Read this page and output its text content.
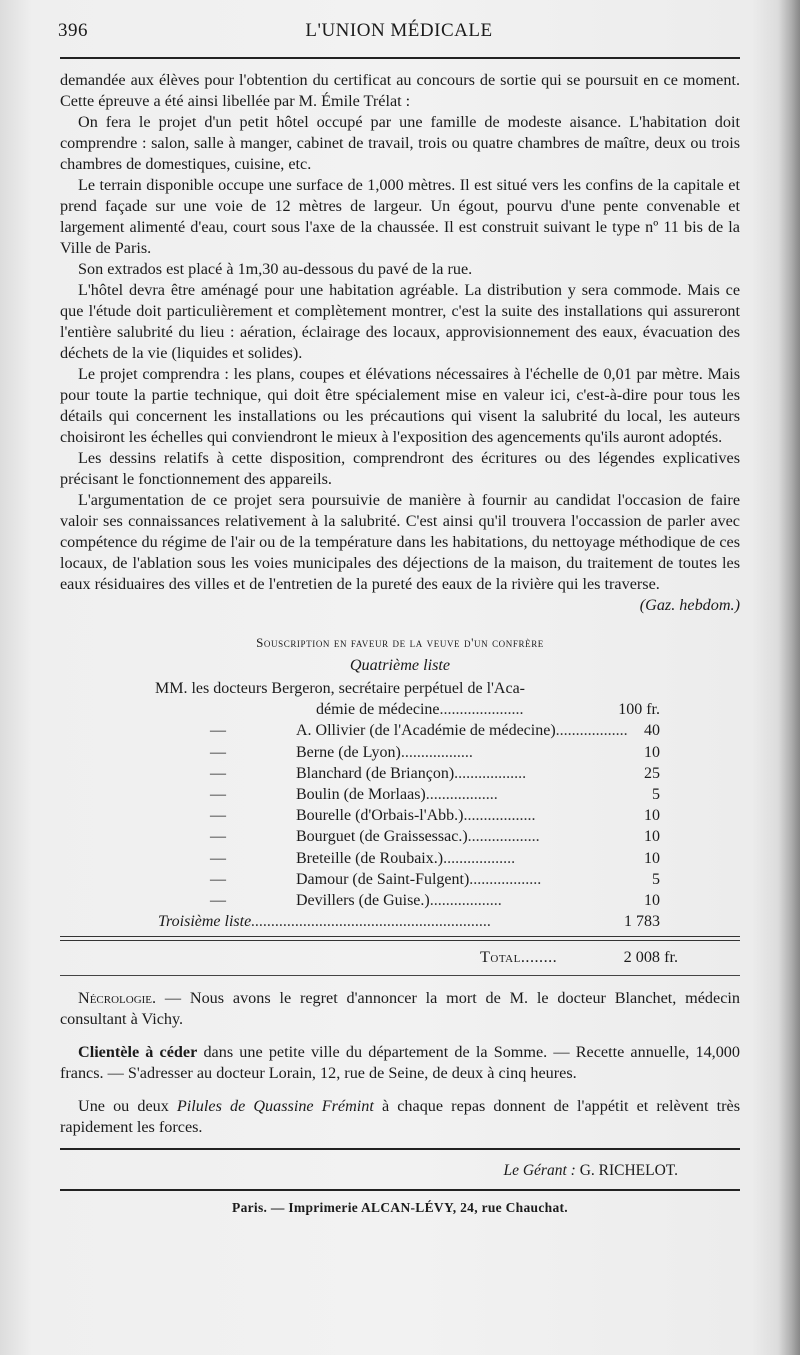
396	L'UNION MÉDICALE

demandée aux élèves pour l'obtention du certificat au concours de sortie qui se poursuit en ce moment. Cette épreuve a été ainsi libellée par M. Émile Trélat :

On fera le projet d'un petit hôtel occupé par une famille de modeste aisance. L'habitation doit comprendre : salon, salle à manger, cabinet de travail, trois ou quatre chambres de maître, deux ou trois chambres de domestiques, cuisine, etc.

Le terrain disponible occupe une surface de 1,000 mètres. Il est situé vers les confins de la capitale et prend façade sur une voie de 12 mètres de largeur. Un égout, pourvu d'une pente convenable et largement alimenté d'eau, court sous l'axe de la chaussée. Il est construit suivant le type nº 11 bis de la Ville de Paris.

Son extrados est placé à 1m,30 au-dessous du pavé de la rue.

L'hôtel devra être aménagé pour une habitation agréable. La distribution y sera commode. Mais ce que l'étude doit particulièrement et complètement montrer, c'est la suite des installations qui assureront l'entière salubrité du lieu : aération, éclairage des locaux, approvisionnement des eaux, évacuation des déchets de la vie (liquides et solides).

Le projet comprendra : les plans, coupes et élévations nécessaires à l'échelle de 0,01 par mètre. Mais pour toute la partie technique, qui doit être spécialement mise en valeur ici, c'est-à-dire pour tous les détails qui concernent les installations ou les précautions qui visent la salubrité du local, les auteurs choisiront les échelles qui conviendront le mieux à l'exposition des agencements qu'ils auront adoptés.

Les dessins relatifs à cette disposition, comprendront des écritures ou des légendes explicatives précisant le fonctionnement des appareils.

L'argumentation de ce projet sera poursuivie de manière à fournir au candidat l'occasion de faire valoir ses connaissances relativement à la salubrité. C'est ainsi qu'il trouvera l'occassion de parler avec compétence du régime de l'air ou de la température dans les habitations, du nettoyage méthodique de ces locaux, de l'ablation sous les voies municipales des déjections de la maison, du traitement de toutes les eaux résiduaires des villes et de l'entretien de la pureté des eaux de la rivière qui les traverse.

(Gaz. hebdom.)

Souscription en faveur de la veuve d'un confrère
Quatrième liste
MM. les docteurs Bergeron, secrétaire perpétuel de l'Aca-
démie de médecine.....................	100 fr.
—	A. Ollivier (de l'Académie de médecine).................. 40
—	Berne (de Lyon)..................	10
—	Blanchard (de Briançon)..................	25
—	Boulin (de Morlaas)..................	5
—	Bourelle (d'Orbais-l'Abb.)..................	10
—	Bourguet (de Graissessac.)..................	10
—	Breteille (de Roubaix.)..................	10
—	Damour (de Saint-Fulgent)..................	5
—	Devillers (de Guise.)..................	10
Troisième liste............................................................	1 783
Total........	2 008 fr.

Nécrologie. — Nous avons le regret d'annoncer la mort de M. le docteur Blanchet, médecin consultant à Vichy.

Clientèle à céder dans une petite ville du département de la Somme. — Recette annuelle, 14,000 francs. — S'adresser au docteur Lorain, 12, rue de Seine, de deux à cinq heures.

Une ou deux Pilules de Quassine Frémint à chaque repas donnent de l'appétit et relèvent très rapidement les forces.

Le Gérant : G. RICHELOT.
Paris. — Imprimerie ALCAN-LÉVY, 24, rue Chauchat.
